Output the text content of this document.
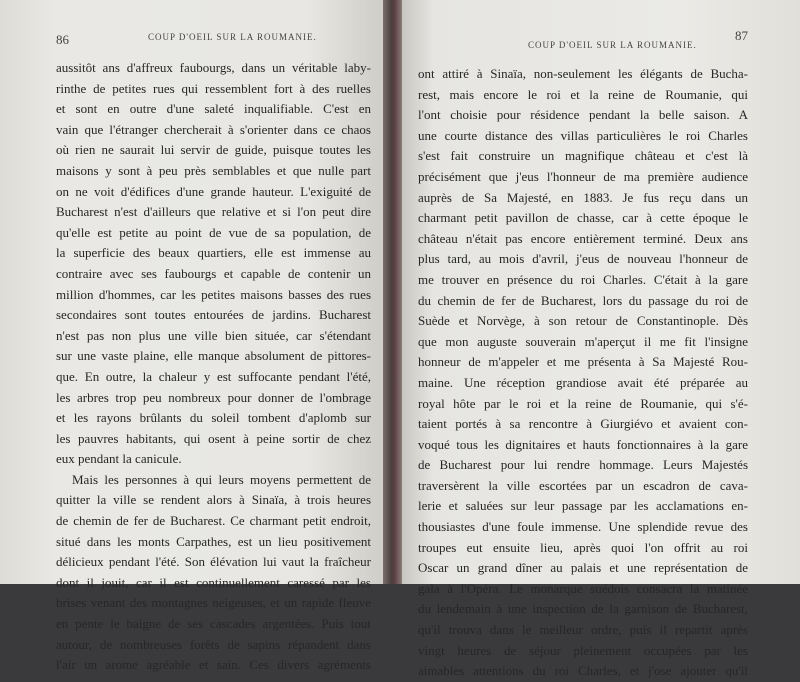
86	COUP D'OEIL SUR LA ROUMANIE.
aussitôt ans d'affreux faubourgs, dans un véritable laby-
rinthe de petites rues qui ressemblent fort à des ruelles
et sont en outre d'une saleté inqualifiable. C'est en
vain que l'étranger chercherait à s'orienter dans ce chaos
où rien ne saurait lui servir de guide, puisque toutes les
maisons y sont à peu près semblables et que nulle part
on ne voit d'édifices d'une grande hauteur. L'exiguité de
Bucharest n'est d'ailleurs que relative et si l'on peut dire
qu'elle est petite au point de vue de sa population, de
la superficie des beaux quartiers, elle est immense au
contraire avec ses faubourgs et capable de contenir un
million d'hommes, car les petites maisons basses des rues
secondaires sont toutes entourées de jardins. Bucharest
n'est pas non plus une ville bien située, car s'étendant
sur une vaste plaine, elle manque absolument de pittores-
que. En outre, la chaleur y est suffocante pendant l'été,
les arbres trop peu nombreux pour donner de l'ombrage
et les rayons brûlants du soleil tombent d'aplomb sur
les pauvres habitants, qui osent à peine sortir de chez
eux pendant la canicule.
Mais les personnes à qui leurs moyens permettent de
quitter la ville se rendent alors à Sinaïa, à trois heures
de chemin de fer de Bucharest. Ce charmant petit endroit,
situé dans les monts Carpathes, est un lieu positivement
délicieux pendant l'été. Son élévation lui vaut la fraîcheur
dont il jouit, car il est continuellement caressé par les
brises venant des montagnes neigeuses, et un rapide fleuve
en pente le baigne de ses cascades argentées. Puis tout
autour, de nombreuses forêts de sapins répandent dans
l'air un arome agréable et sain. Ces divers agréments
COUP D'OEIL SUR LA ROUMANIE.
87
ont attiré à Sinaïa, non-seulement les élégants de Bucha-
rest, mais encore le roi et la reine de Roumanie, qui
l'ont choisie pour résidence pendant la belle saison. A
une courte distance des villas particulières le roi Charles
s'est fait construire un magnifique château et c'est là
précisément que j'eus l'honneur de ma première audience
auprès de Sa Majesté, en 1883. Je fus reçu dans un
charmant petit pavillon de chasse, car à cette époque le
château n'était pas encore entièrement terminé. Deux ans
plus tard, au mois d'avril, j'eus de nouveau l'honneur de
me trouver en présence du roi Charles. C'était à la gare
du chemin de fer de Bucharest, lors du passage du roi de
Suède et Norvège, à son retour de Constantinople. Dès
que mon auguste souverain m'aperçut il me fit l'insigne
honneur de m'appeler et me présenta à Sa Majesté Rou-
maine. Une réception grandiose avait été préparée au
royal hôte par le roi et la reine de Roumanie, qui s'é-
taient portés à sa rencontre à Giurgiévo et avaient con-
voqué tous les dignitaires et hauts fonctionnaires à la gare
de Bucharest pour lui rendre hommage. Leurs Majestés
traversèrent la ville escortées par un escadron de cava-
lerie et saluées sur leur passage par les acclamations en-
thousiastes d'une foule immense. Une splendide revue des
troupes eut ensuite lieu, après quoi l'on offrit au roi
Oscar un grand dîner au palais et une représentation de
gala à l'Opéra. Le monarque suédois consacra la matinée
du lendemain à une inspection de la garnison de Bucharest,
qu'il trouva dans le meilleur ordre, puis il repartit après
vingt heures de séjour pleinement occupées par les
aimables attentions du roi Charles, et j'ose ajouter qu'il
